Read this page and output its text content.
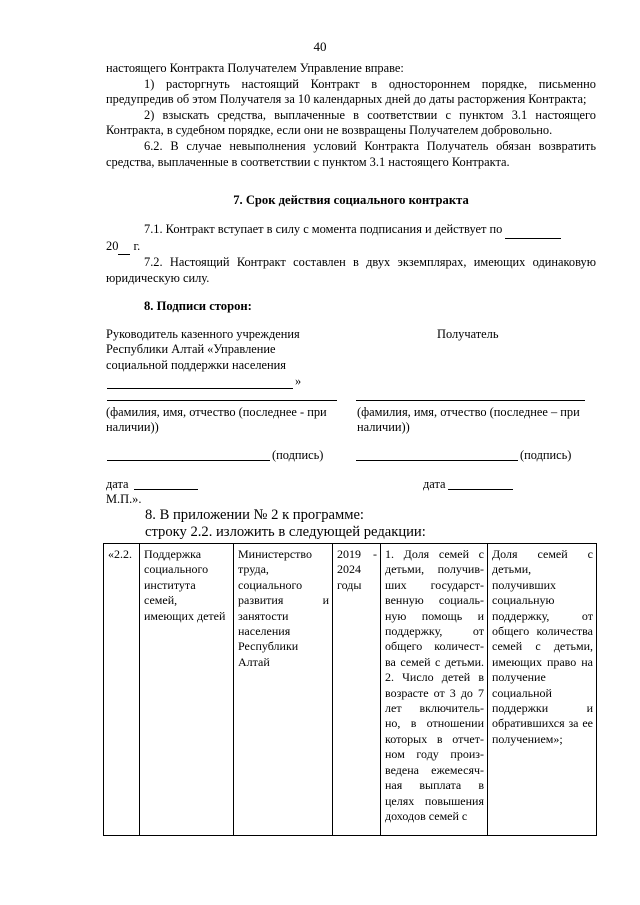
40

настоящего Контракта Получателем Управление вправе:

1) расторгнуть настоящий Контракт в одностороннем порядке, письменно предупредив об этом Получателя за 10 календарных дней до даты расторжения Контракта;

2) взыскать средства, выплаченные в соответствии с пунктом 3.1 настоящего Контракта, в судебном порядке, если они не возвращены Получателем добровольно.

6.2. В случае невыполнения условий Контракта Получатель обязан возвратить средства, выплаченные в соответствии с пунктом 3.1 настоящего Контракта.

7. Срок действия социального контракта

7.1. Контракт вступает в силу с момента подписания и действует по
20 г.

7.2. Настоящий Контракт составлен в двух экземплярах, имеющих одинаковую юридическую силу.

8. Подписи сторон:
Руководитель казенного учреждения
Республики Алтай «Управление
социальной поддержки населения
»
Получатель
(фамилия, имя, отчество (последнее - при наличии))
(фамилия, имя, отчество (последнее – при наличии))
(подпись)	(подпись)
дата	дата
М.П.».
8. В приложении № 2 к программе:
строку 2.2. изложить в следующей редакции:
«2.2.	Поддержка социального института семей, имеющих детей	Министерство труда, социального развития и занятости населения Республики Алтай	2019 - 2024 годы	1. Доля семей с детьми, получив-ших государст-венную социаль-ную помощь и поддержку, от общего количест-ва семей с детьми. 2. Число детей в возрасте от 3 до 7 лет включитель-но, в отношении которых в отчет-ном году произ-ведена ежемесяч-ная выплата в целях повышения доходов семей с	Доля семей с детьми, получивших социальную поддержку, от общего количества семей с детьми, имеющих право на получение социальной поддержки и обратившихся за ее получением»;
